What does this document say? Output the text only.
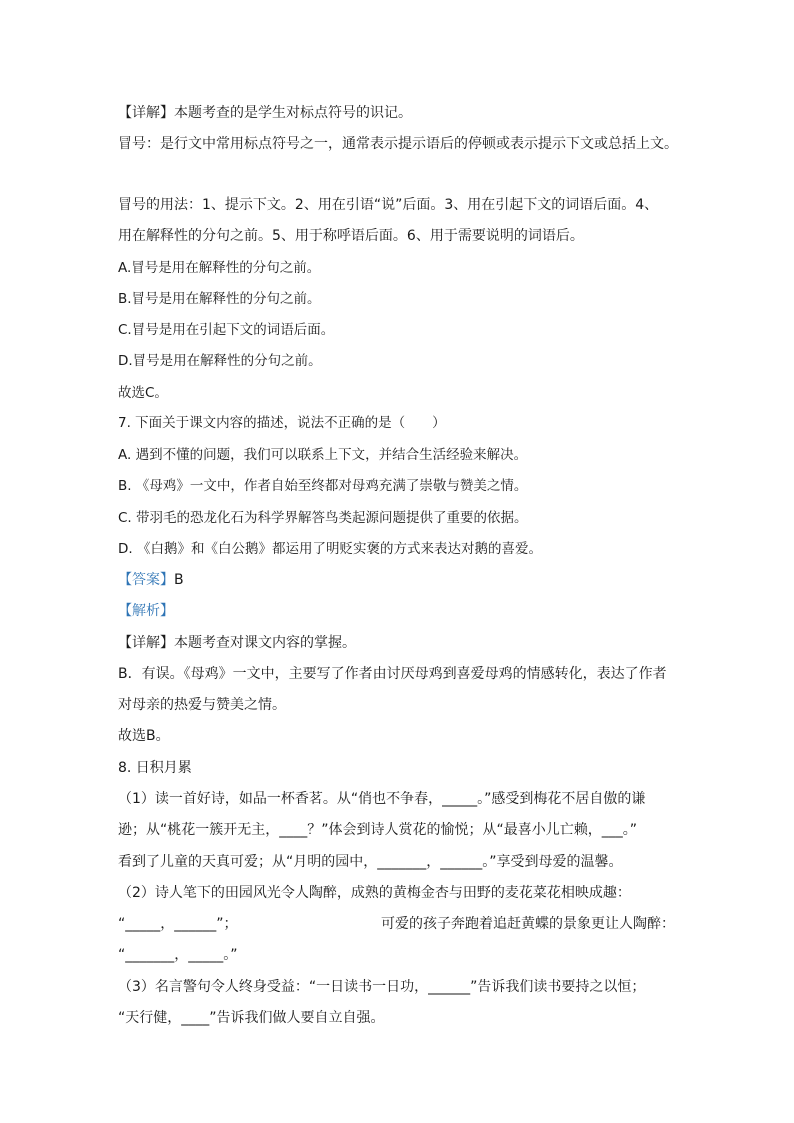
【详解】本题考查的是学生对标点符号的识记。
冒号：是行文中常用标点符号之一，通常表示提示语后的停顿或表示提示下文或总括上文。
冒号的用法：1、提示下文。2、用在引语“说”后面。3、用在引起下文的词语后面。4、
用在解释性的分句之前。5、用于称呼语后面。6、用于需要说明的词语后。
A.冒号是用在解释性的分句之前。
B.冒号是用在解释性的分句之前。
C.冒号是用在引起下文的词语后面。
D.冒号是用在解释性的分句之前。
故选C。
7. 下面关于课文内容的描述，说法不正确的是（　　）
A. 遇到不懂的问题，我们可以联系上下文，并结合生活经验来解决。
B. 《母鸡》一文中，作者自始至终都对母鸡充满了崇敬与赞美之情。
C. 带羽毛的恐龙化石为科学界解答鸟类起源问题提供了重要的依据。
D. 《白鹅》和《白公鹅》都运用了明贬实褒的方式来表达对鹅的喜爱。
【答案】B
【解析】
【详解】本题考查对课文内容的掌握。
B．有误。《母鸡》一文中，主要写了作者由讨厌母鸡到喜爱母鸡的情感转化，表达了作者
对母亲的热爱与赞美之情。
故选B。
8. 日积月累
（1）读一首好诗，如品一杯香茗。从“俏也不争春，_____。”感受到梅花不居自傲的谦
逊；从“桃花一簇开无主，____？”体会到诗人赏花的愉悦；从“最喜小儿亡赖，___。”
看到了儿童的天真可爱；从“月明的园中，_______，______。”享受到母爱的温馨。
（2）诗人笔下的田园风光令人陶醉，成熟的黄梅金杏与田野的麦花菜花相映成趣：
“_____，______”；	可爱的孩子奔跑着追赶黄蝶的景象更让人陶醉：
“_______，_____。”
（3）名言警句令人终身受益：“一日读书一日功，______”告诉我们读书要持之以恒；
“天行健，____”告诉我们做人要自立自强。
